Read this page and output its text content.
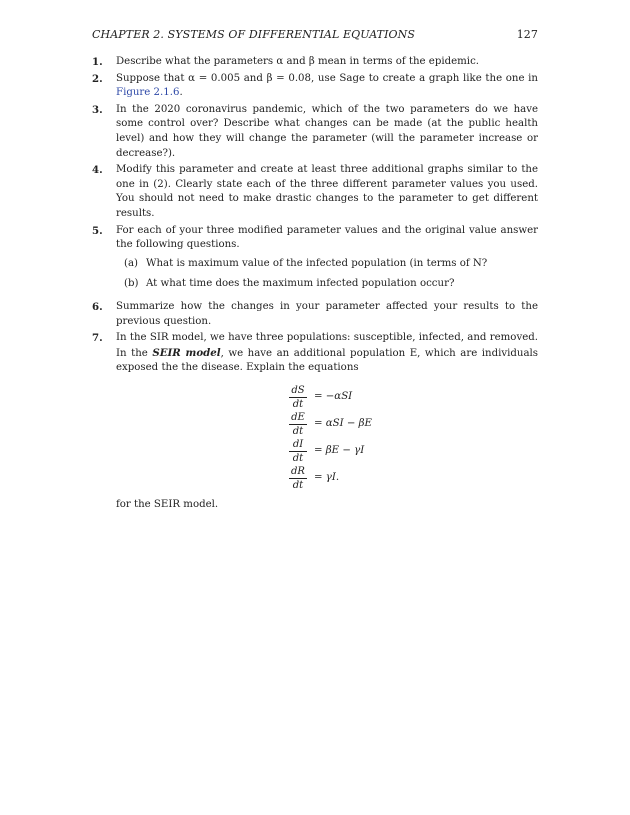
CHAPTER 2. SYSTEMS OF DIFFERENTIAL EQUATIONS	127
1.	Describe what the parameters α and β mean in terms of the epidemic.
2.	Suppose that α = 0.005 and β = 0.08, use Sage to create a graph like the one in Figure 2.1.6.
3.	In the 2020 coronavirus pandemic, which of the two parameters do we have some control over? Describe what changes can be made (at the public health level) and how they will change the parameter (will the parameter increase or decrease?).
4.	Modify this parameter and create at least three additional graphs similar to the one in (2). Clearly state each of the three different parameter values you used. You should not need to make drastic changes to the parameter to get different results.
5.	For each of your three modified parameter values and the original value answer the following questions.
(a) What is maximum value of the infected population (in terms of N?
(b) At what time does the maximum infected population occur?
6.	Summarize how the changes in your parameter affected your results to the previous question.
7.	In the SIR model, we have three populations: susceptible, infected, and removed. In the SEIR model, we have an additional population E, which are individuals exposed the the disease. Explain the equations
$\frac{dS}{dt} = -\alpha SI$
$\frac{dE}{dt} = \alpha SI - \beta E$
$\frac{dI}{dt} = \beta E - \gamma I$
$\frac{dR}{dt} = \gamma I$.
for the SEIR model.
